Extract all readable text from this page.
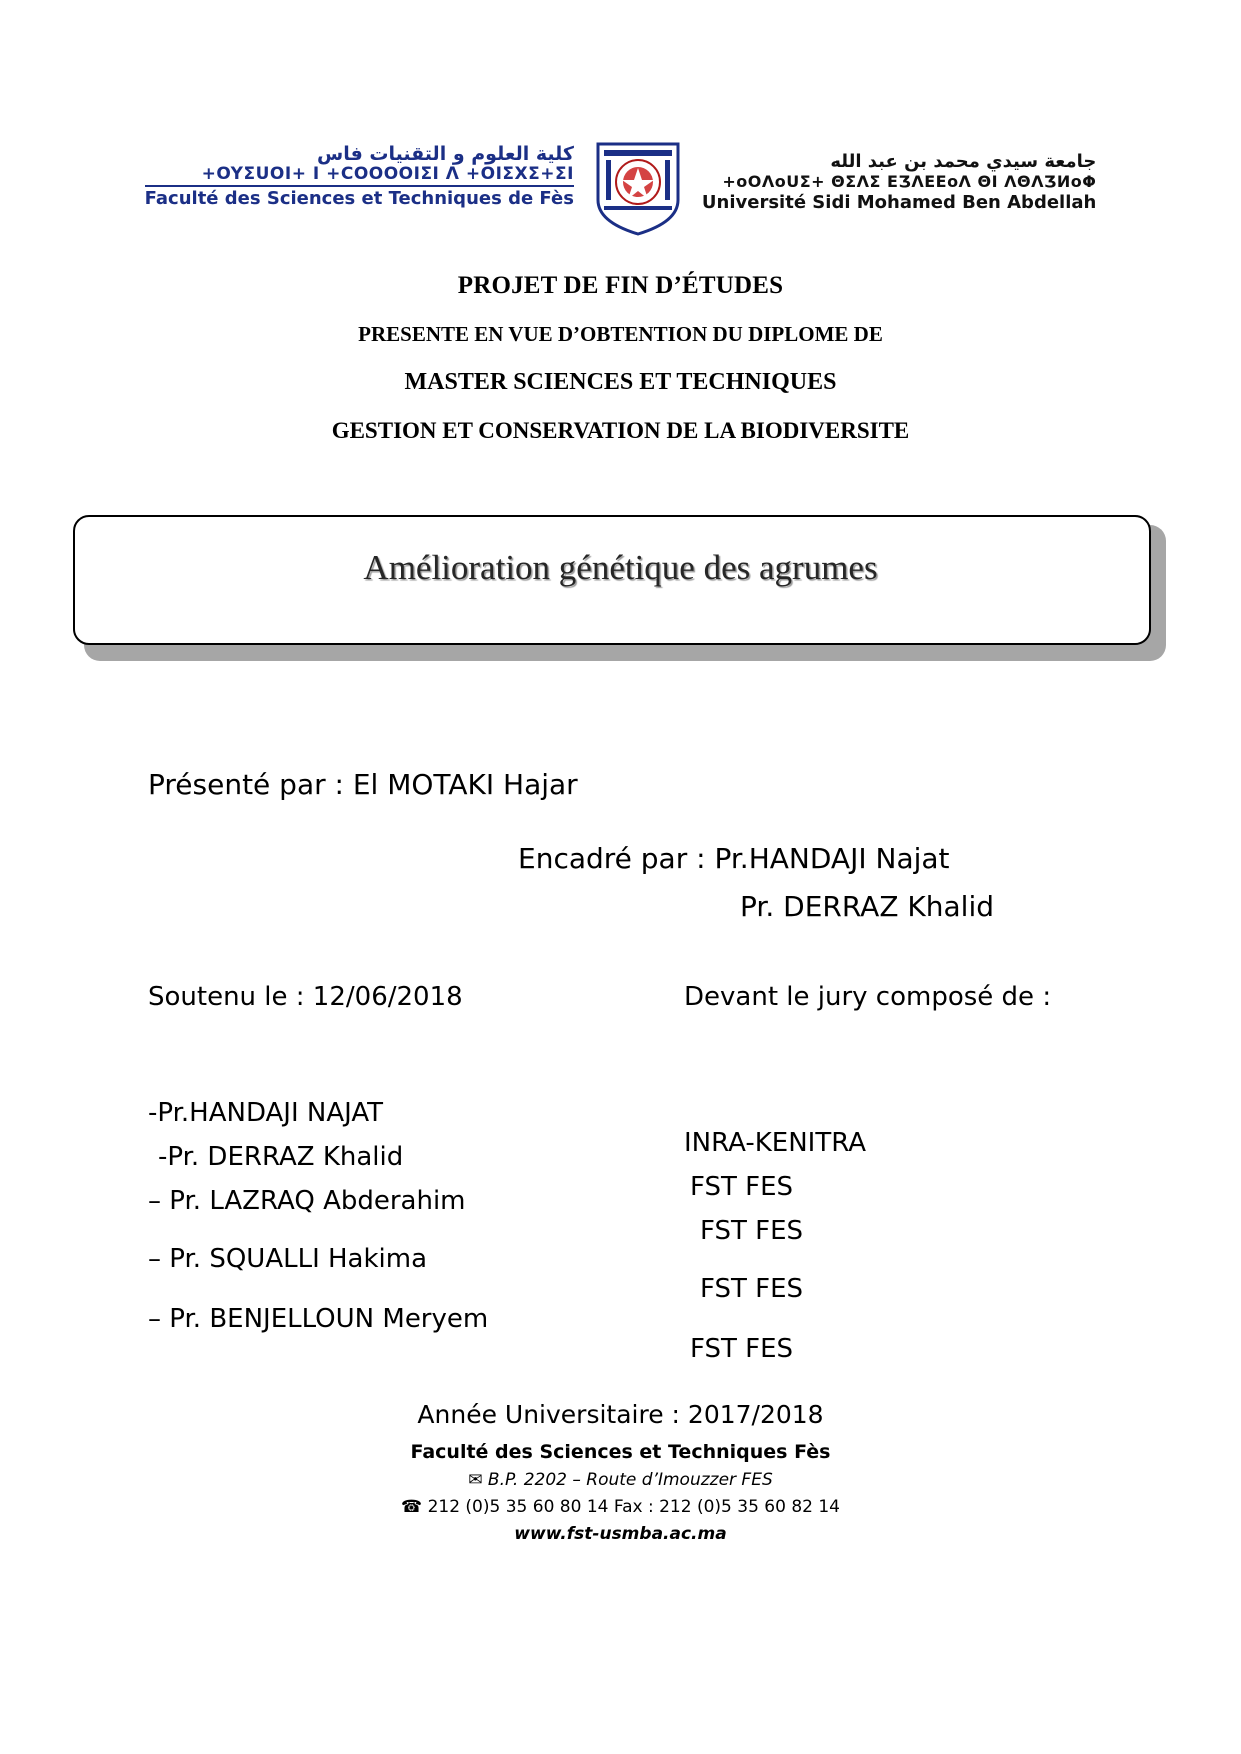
كلية العلوم و التقنيات فاس
+OYΣUOI+ I +COOOOIΣI Λ +OIΣXΣ+ΣI
Faculté des Sciences et Techniques de Fès
جامعة سيدي محمد بن عبد الله
+oOΛoUΣ+ ΘΣΛΣ ΕƷΛΕΕoΛ ΘΙ ΛΘΛƷИoΦ
Université Sidi Mohamed Ben Abdellah
PROJET DE FIN D’ÉTUDES
PRESENTE EN VUE D’OBTENTION DU DIPLOME DE
MASTER SCIENCES ET TECHNIQUES
GESTION ET CONSERVATION DE LA BIODIVERSITE
Amélioration génétique des agrumes
Présenté par : El MOTAKI Hajar
Encadré par : Pr.HANDAJI Najat
Pr. DERRAZ Khalid
Soutenu le : 12/06/2018	Devant le jury composé de :

-Pr.HANDAJI NAJAT

INRA-KENITRA

-Pr. DERRAZ Khalid

FST FES

– Pr. LAZRAQ Abderahim

FST FES

– Pr. SQUALLI Hakima

FST FES

– Pr. BENJELLOUN Meryem

FST FES

Année Universitaire : 2017/2018
Faculté des Sciences et Techniques Fès
✉ B.P. 2202 – Route d’Imouzzer FES
☎ 212 (0)5 35 60 80 14 Fax : 212 (0)5 35 60 82 14
www.fst-usmba.ac.ma
